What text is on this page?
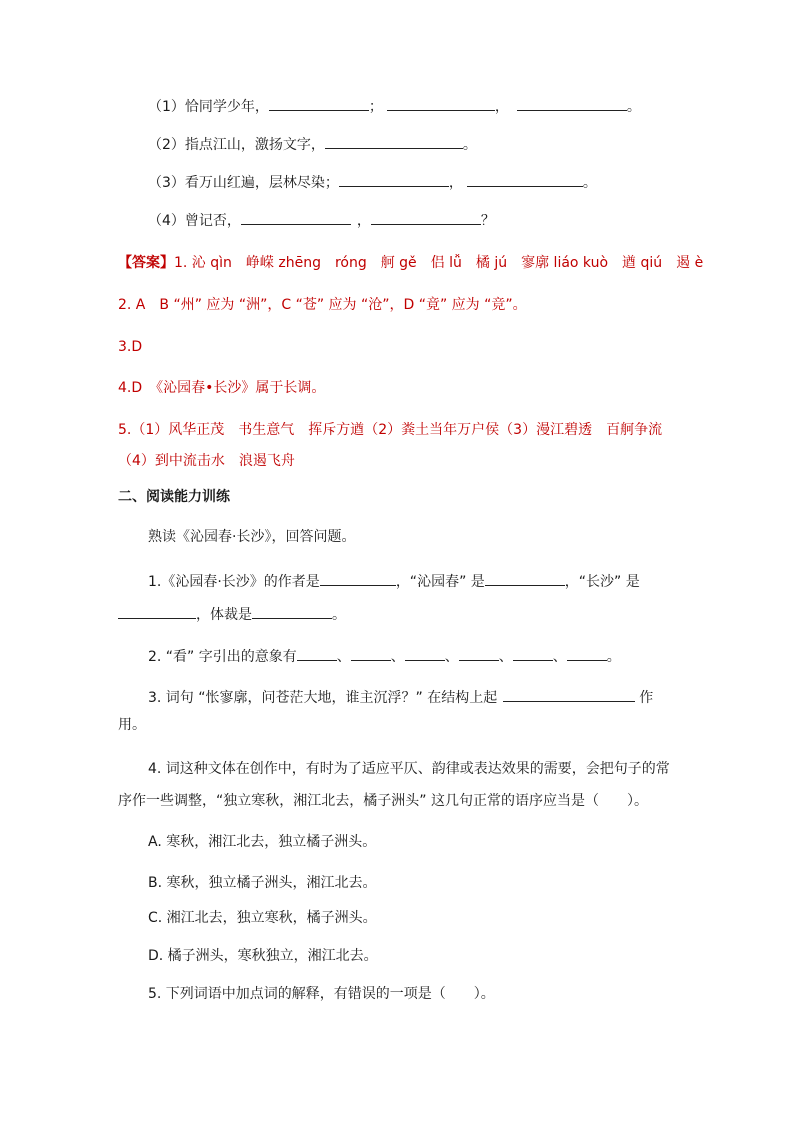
（1）恰同学少年，	；	，	。
（2）指点江山，激扬文字，	。
（3）看万山红遍，层林尽染；	，	。
（4）曾记否，	，	？
【答案】1. 沁 qìn　峥嵘 zhēng　róng　舸 gě　侣 lǚ　橘 jú　寥廓 liáo kuò　遒 qiú　遏 è
2. A　B “州” 应为 “洲”，C “苍” 应为 “沧”，D “竟” 应为 “竞”。
3.D
4.D　《沁园春•长沙》属于长调。
5.（1）风华正茂　书生意气　挥斥方遒（2）粪土当年万户侯（3）漫江碧透　百舸争流
（4）到中流击水　浪遏飞舟
二、阅读能力训练
熟读《沁园春·长沙》，回答问题。
1.《沁园春·长沙》的作者是	，“沁园春” 是	，“长沙” 是
，体裁是	。
2. “看” 字引出的意象有	、	、	、	、	、	。
3. 词句 “怅寥廓，问苍茫大地，谁主沉浮？” 在结构上起	作
用。
4. 词这种文体在创作中，有时为了适应平仄、韵律或表达效果的需要，会把句子的常
序作一些调整，“独立寒秋，湘江北去，橘子洲头” 这几句正常的语序应当是（　　）。
A. 寒秋，湘江北去，独立橘子洲头。
B. 寒秋，独立橘子洲头，湘江北去。
C. 湘江北去，独立寒秋，橘子洲头。
D. 橘子洲头，寒秋独立，湘江北去。
5. 下列词语中加点词的解释，有错误的一项是（　　）。
